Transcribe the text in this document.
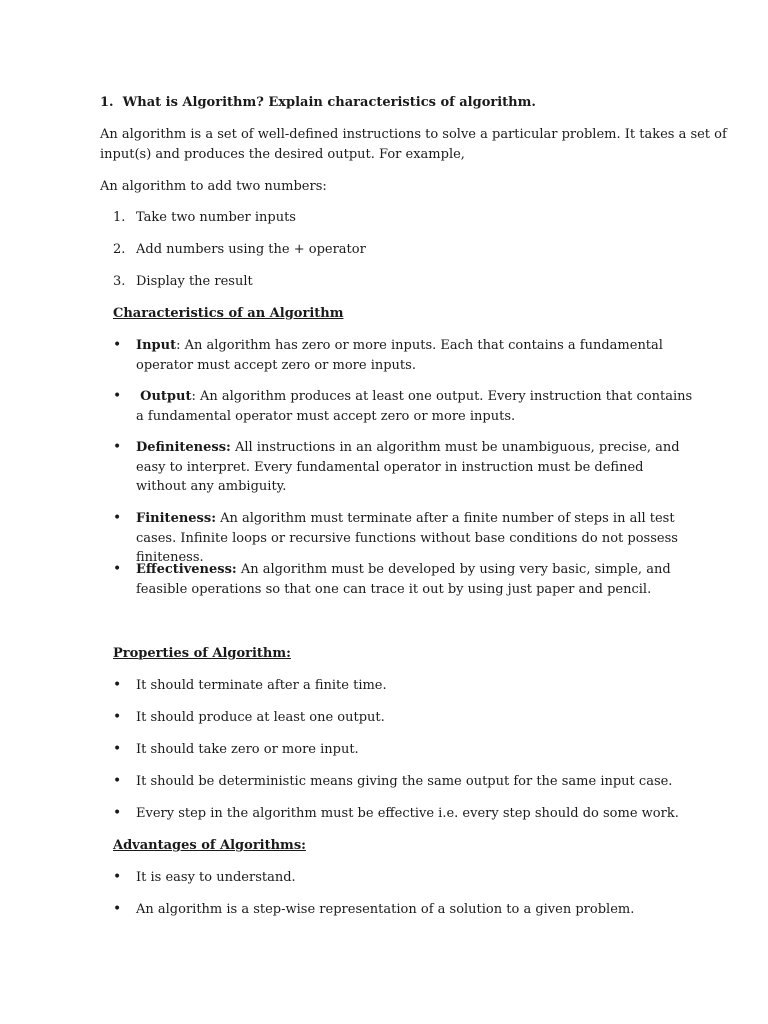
1. What is Algorithm? Explain characteristics of algorithm.
An algorithm is a set of well-defined instructions to solve a particular problem. It takes a set of
input(s) and produces the desired output. For example,
An algorithm to add two numbers:
1. Take two number inputs
2. Add numbers using the + operator
3. Display the result
Characteristics of an Algorithm
• Input: An algorithm has zero or more inputs. Each that contains a fundamental operator must accept zero or more inputs.
•	Output: An algorithm produces at least one output. Every instruction that contains a fundamental operator must accept zero or more inputs.
• Definiteness: All instructions in an algorithm must be unambiguous, precise, and easy to interpret. Every fundamental operator in instruction must be defined without any ambiguity.
• Finiteness: An algorithm must terminate after a finite number of steps in all test cases. Infinite loops or recursive functions without base conditions do not possess finiteness.
• Effectiveness: An algorithm must be developed by using very basic, simple, and feasible operations so that one can trace it out by using just paper and pencil.
Properties of Algorithm:
• It should terminate after a finite time.
• It should produce at least one output.
• It should take zero or more input.
• It should be deterministic means giving the same output for the same input case.
• Every step in the algorithm must be effective i.e. every step should do some work.
Advantages of Algorithms:
• It is easy to understand.
• An algorithm is a step-wise representation of a solution to a given problem.
